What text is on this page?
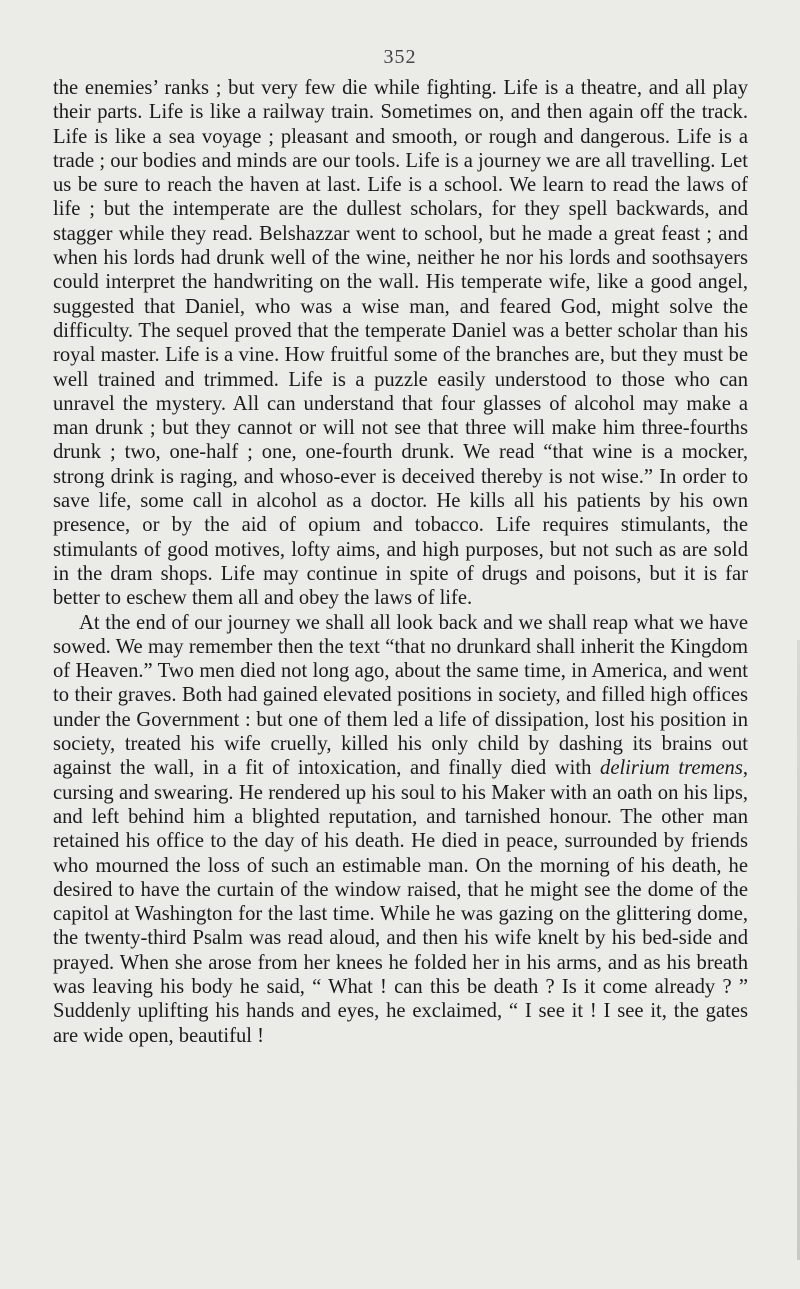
352

the enemies’ ranks ; but very few die while fighting. Life is a theatre, and all play their parts. Life is like a railway train. Sometimes on, and then again off the track. Life is like a sea voyage ; pleasant and smooth, or rough and dangerous. Life is a trade ; our bodies and minds are our tools. Life is a journey we are all travelling. Let us be sure to reach the haven at last. Life is a school. We learn to read the laws of life ; but the intemperate are the dullest scholars, for they spell backwards, and stagger while they read. Belshazzar went to school, but he made a great feast ; and when his lords had drunk well of the wine, neither he nor his lords and soothsayers could interpret the handwriting on the wall. His temperate wife, like a good angel, suggested that Daniel, who was a wise man, and feared God, might solve the difficulty. The sequel proved that the temperate Daniel was a better scholar than his royal master. Life is a vine. How fruitful some of the branches are, but they must be well trained and trimmed. Life is a puzzle easily understood to those who can unravel the mystery. All can understand that four glasses of alcohol may make a man drunk ; but they cannot or will not see that three will make him three-fourths drunk ; two, one-half ; one, one-fourth drunk. We read “that wine is a mocker, strong drink is raging, and whoso-ever is deceived thereby is not wise.” In order to save life, some call in alcohol as a doctor. He kills all his patients by his own presence, or by the aid of opium and tobacco. Life requires stimulants, the stimulants of good motives, lofty aims, and high purposes, but not such as are sold in the dram shops. Life may continue in spite of drugs and poisons, but it is far better to eschew them all and obey the laws of life.

At the end of our journey we shall all look back and we shall reap what we have sowed. We may remember then the text “that no drunkard shall inherit the Kingdom of Heaven.” Two men died not long ago, about the same time, in America, and went to their graves. Both had gained elevated positions in society, and filled high offices under the Government : but one of them led a life of dissipation, lost his position in society, treated his wife cruelly, killed his only child by dashing its brains out against the wall, in a fit of intoxication, and finally died with delirium tremens, cursing and swearing. He rendered up his soul to his Maker with an oath on his lips, and left behind him a blighted reputation, and tarnished honour. The other man retained his office to the day of his death. He died in peace, surrounded by friends who mourned the loss of such an estimable man. On the morning of his death, he desired to have the curtain of the window raised, that he might see the dome of the capitol at Washington for the last time. While he was gazing on the glittering dome, the twenty-third Psalm was read aloud, and then his wife knelt by his bed-side and prayed. When she arose from her knees he folded her in his arms, and as his breath was leaving his body he said, “ What ! can this be death ? Is it come already ? ” Suddenly uplifting his hands and eyes, he exclaimed, “ I see it ! I see it, the gates are wide open, beautiful !
